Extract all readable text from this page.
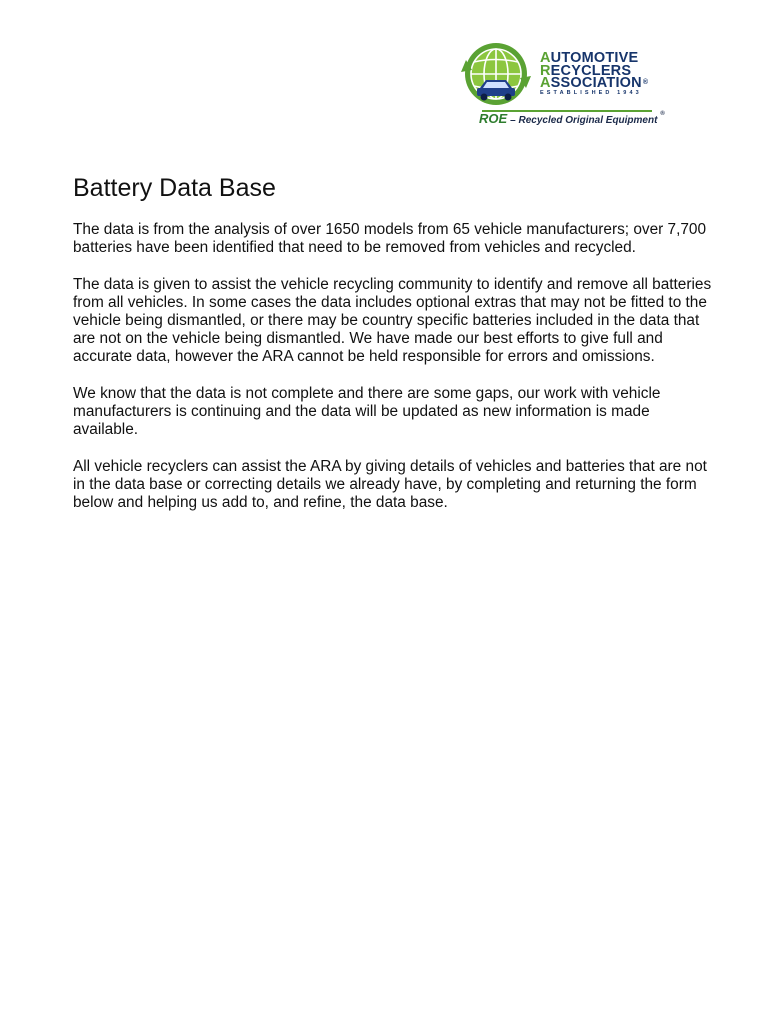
AUTOMOTIVE
RECYCLERS
ASSOCIATION®
ESTABLISHED 1943
ROE – Recycled Original Equipment ®
Battery Data Base

The data is from the analysis of over 1650 models from 65 vehicle manufacturers; over 7,700 batteries have been identified that need to be removed from vehicles and recycled.

The data is given to assist the vehicle recycling community to identify and remove all batteries from all vehicles. In some cases the data includes optional extras that may not be fitted to the vehicle being dismantled, or there may be country specific batteries included in the data that are not on the vehicle being dismantled. We have made our best efforts to give full and accurate data, however the ARA cannot be held responsible for errors and omissions.

We know that the data is not complete and there are some gaps, our work with vehicle manufacturers is continuing and the data will be updated as new information is made available.

All vehicle recyclers can assist the ARA by giving details of vehicles and batteries that are not in the data base or correcting details we already have, by completing and returning the form below and helping us add to, and refine, the data base.
